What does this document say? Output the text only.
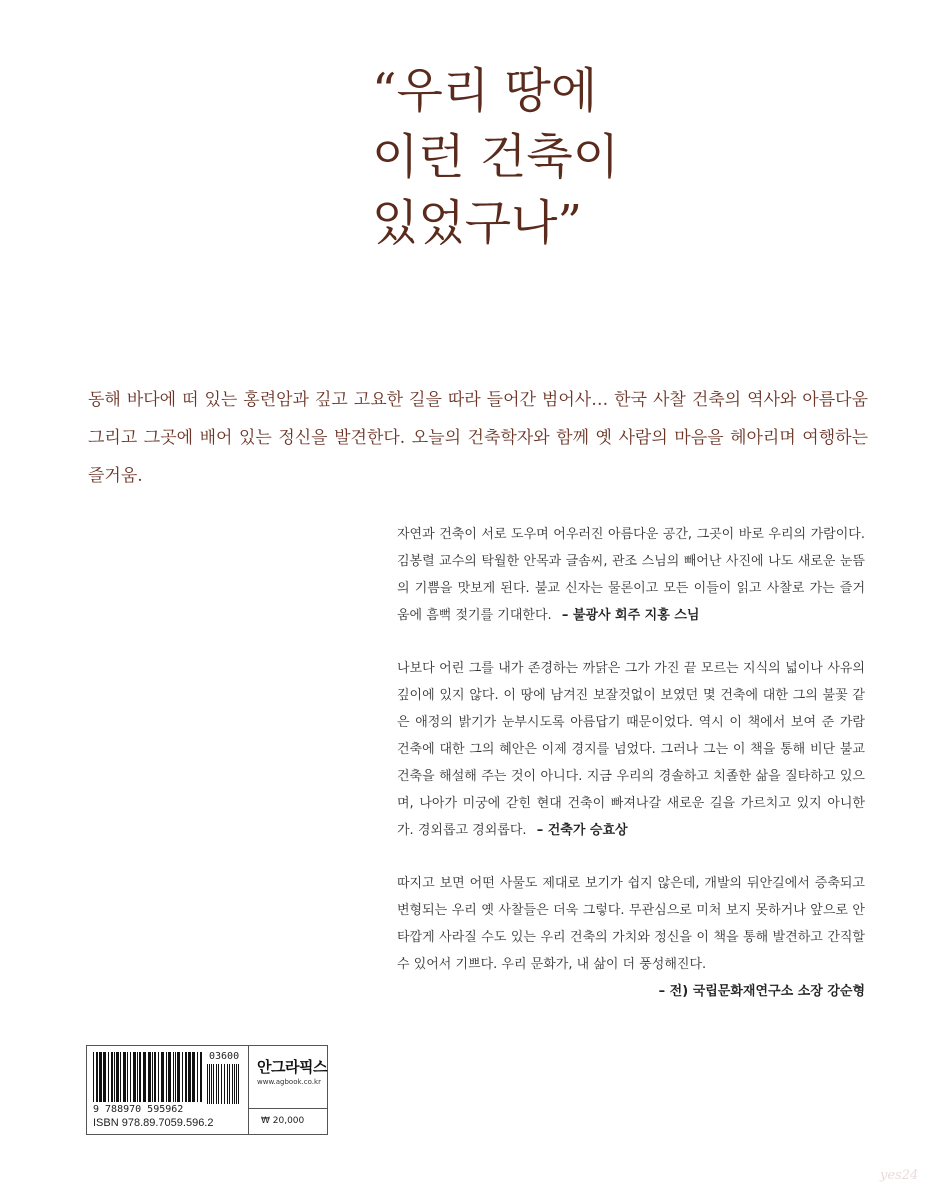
“우리 땅에
이런 건축이
있었구나”

동해 바다에 떠 있는 홍련암과 깊고 고요한 길을 따라 들어간 범어사… 한국 사찰 건축의 역사와 아름다움 그리고 그곳에 배어 있는 정신을 발견한다. 오늘의 건축학자와 함께 옛 사람의 마음을 헤아리며 여행하는 즐거움.

자연과 건축이 서로 도우며 어우러진 아름다운 공간, 그곳이 바로 우리의 가람이다. 김봉렬 교수의 탁월한 안목과 글솜씨, 관조 스님의 빼어난 사진에 나도 새로운 눈뜸의 기쁨을 맛보게 된다. 불교 신자는 물론이고 모든 이들이 읽고 사찰로 가는 즐거움에 흠뻑 젖기를 기대한다. – 불광사 회주 지홍 스님

나보다 어린 그를 내가 존경하는 까닭은 그가 가진 끝 모르는 지식의 넓이나 사유의 깊이에 있지 않다. 이 땅에 남겨진 보잘것없이 보였던 몇 건축에 대한 그의 불꽃 같은 애정의 밝기가 눈부시도록 아름답기 때문이었다. 역시 이 책에서 보여 준 가람 건축에 대한 그의 혜안은 이제 경지를 넘었다. 그러나 그는 이 책을 통해 비단 불교 건축을 해설해 주는 것이 아니다. 지금 우리의 경솔하고 치졸한 삶을 질타하고 있으며, 나아가 미궁에 갇힌 현대 건축이 빠져나갈 새로운 길을 가르치고 있지 아니한가. 경외롭고 경외롭다. – 건축가 승효상

따지고 보면 어떤 사물도 제대로 보기가 쉽지 않은데, 개발의 뒤안길에서 증축되고 변형되는 우리 옛 사찰들은 더욱 그렇다. 무관심으로 미처 보지 못하거나 앞으로 안타깝게 사라질 수도 있는 우리 건축의 가치와 정신을 이 책을 통해 발견하고 간직할 수 있어서 기쁘다. 우리 문화가, 내 삶이 더 풍성해진다.
– 전) 국립문화재연구소 소장 강순형

03600
9 788970 595962
ISBN 978.89.7059.596.2
안그라픽스
www.agbook.co.kr
₩ 20,000
yes24
